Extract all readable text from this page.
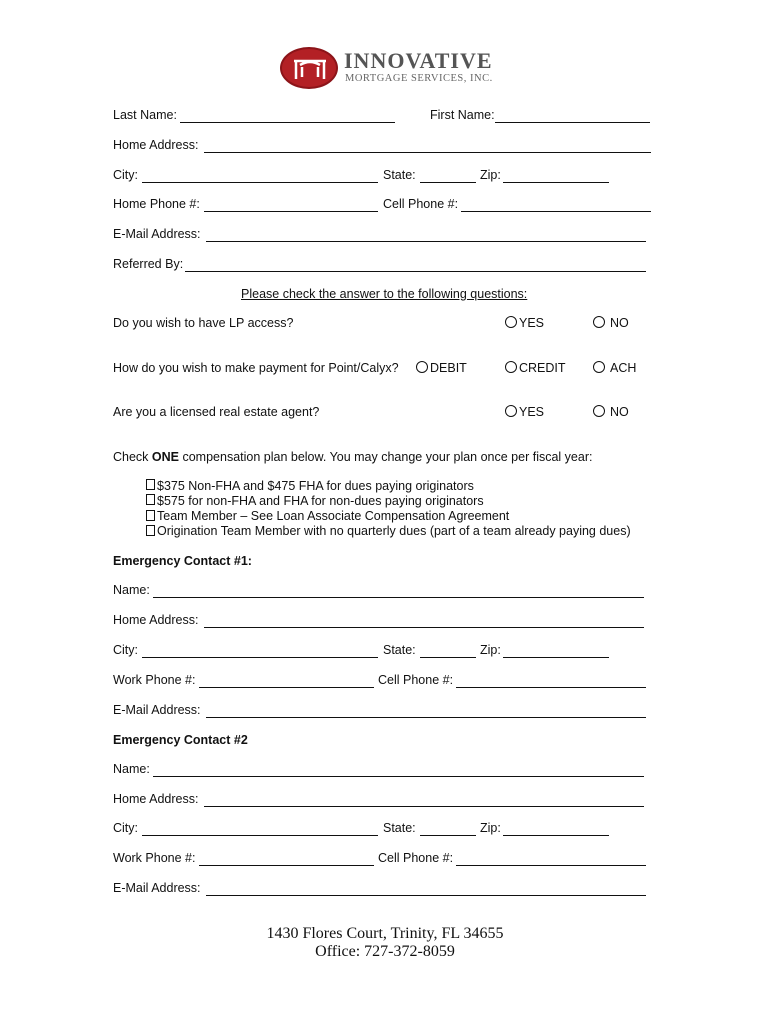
INNOVATIVE
MORTGAGE SERVICES, INC.
Last Name:	First Name:
Home Address:
City:	State:	Zip:
Home Phone #:	Cell Phone #:
E-Mail Address:
Referred By:
Please check the answer to the following questions:
Do you wish to have LP access?	YES	NO
How do you wish to make payment for Point/Calyx?	DEBIT	CREDIT	ACH
Are you a licensed real estate agent?	YES	NO
Check ONE compensation plan below. You may change your plan once per fiscal year:
$375 Non-FHA and $475 FHA for dues paying originators
$575 for non-FHA and FHA for non-dues paying originators
Team Member – See Loan Associate Compensation Agreement
Origination Team Member with no quarterly dues (part of a team already paying dues)
Emergency Contact #1:
Name:
Home Address:
City:	State:	Zip:
Work Phone #:	Cell Phone #:
E-Mail Address:
Emergency Contact #2
Name:
Home Address:
City:	State:	Zip:
Work Phone #:	Cell Phone #:
E-Mail Address:
1430 Flores Court, Trinity, FL 34655
Office: 727-372-8059
